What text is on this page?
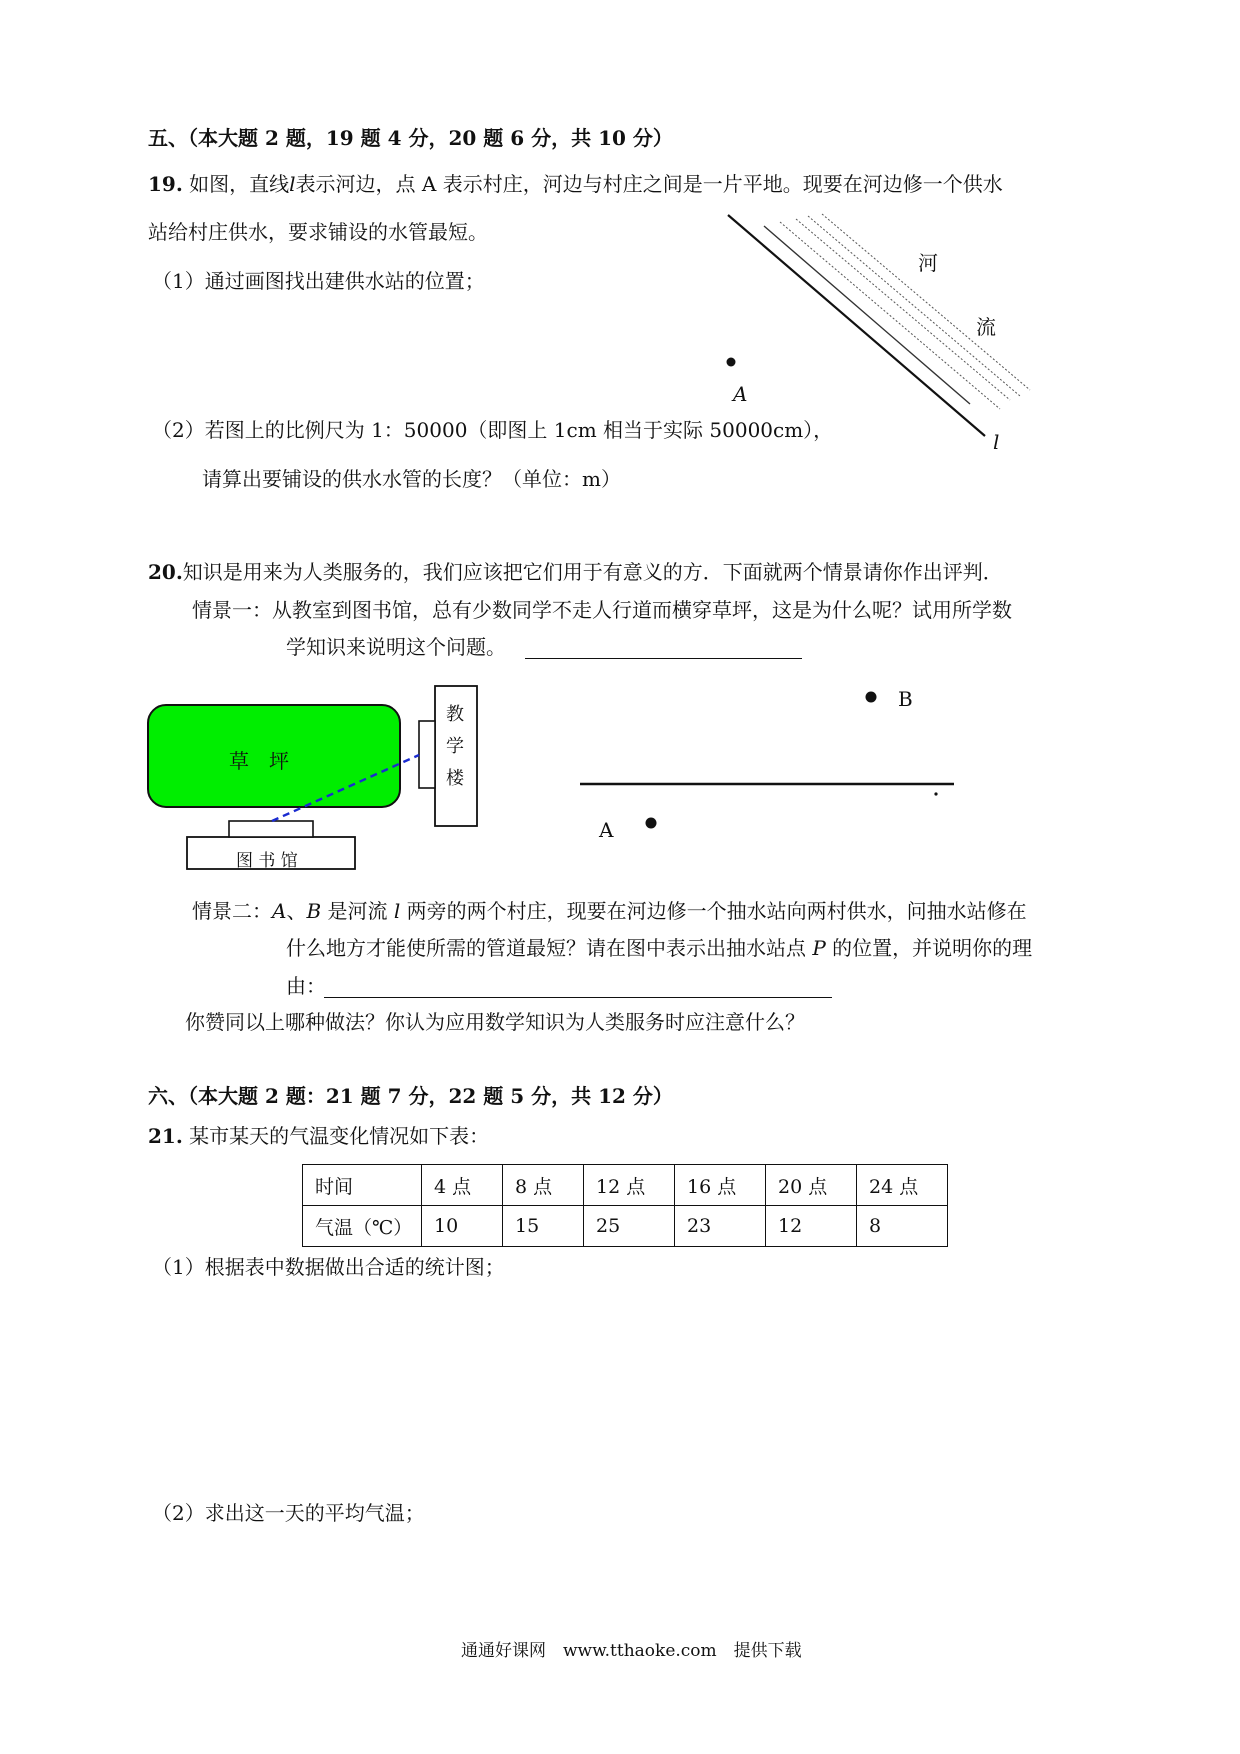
五、（本大题 2 题，19 题 4 分，20 题 6 分，共 10 分）
19. 如图，直线l表示河边，点 A 表示村庄，河边与村庄之间是一片平地。现要在河边修一个供水
站给村庄供水，要求铺设的水管最短。
（1）通过画图找出建供水站的位置；
（2）若图上的比例尺为 1：50000（即图上 1cm 相当于实际 50000cm），
请算出要铺设的供水水管的长度？（单位：m）
河
流
A
l
20.知识是用来为人类服务的，我们应该把它们用于有意义的方．下面就两个情景请你作出评判．
情景一：从教室到图书馆，总有少数同学不走人行道而横穿草坪，这是为什么呢？试用所学数
学知识来说明这个问题。
草　坪
图 书 馆
教
学
楼
B
A
情景二：A、B 是河流 l 两旁的两个村庄，现要在河边修一个抽水站向两村供水，问抽水站修在
什么地方才能使所需的管道最短？请在图中表示出抽水站点 P 的位置，并说明你的理
由：
你赞同以上哪种做法？你认为应用数学知识为人类服务时应注意什么？
六、（本大题 2 题：21 题 7 分，22 题 5 分，共 12 分）
21. 某市某天的气温变化情况如下表：
时间	4 点	8 点	12 点	16 点	20 点	24 点
气温（℃）	10	15	25	23	12	8
（1）根据表中数据做出合适的统计图；
（2）求出这一天的平均气温；
通通好课网　www.tthaoke.com　提供下载
